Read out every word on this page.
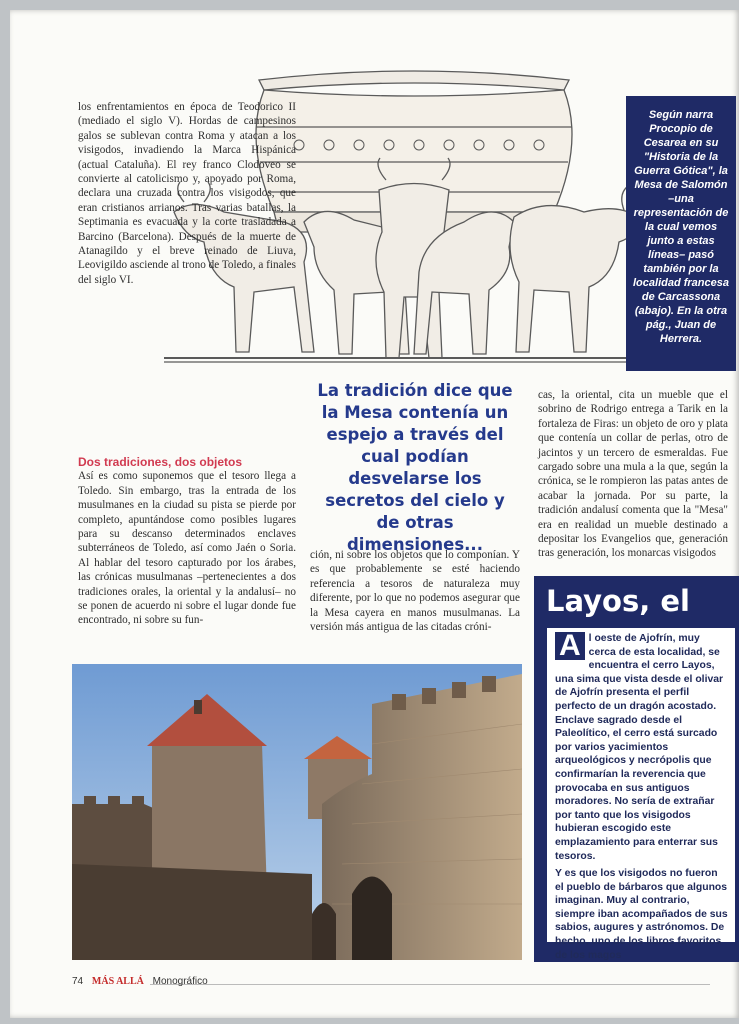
los enfrentamientos en época de Teodorico II (mediado el siglo V). Hordas de campesinos galos se sublevan contra Roma y atacan a los visigodos, invadiendo la Marca Hispánica (actual Cataluña). El rey franco Clodoveo se convierte al catolicismo y, apoyado por Roma, declara una cruzada contra los visigodos, que eran cristianos arrianos. Tras varias batallas, la Septimania es evacuada y la corte trasladada a Barcino (Barcelona). Después de la muerte de Atanagildo y el breve reinado de Liuva, Leovigildo asciende al trono de Toledo, a finales del siglo VI.

Dos tradiciones, dos objetos

Así es como suponemos que el tesoro llega a Toledo. Sin embargo, tras la entrada de los musulmanes en la ciudad su pista se pierde por completo, apuntándose como posibles lugares para su descanso determinados enclaves subterráneos de Toledo, así como Jaén o Soria. Al hablar del tesoro capturado por los árabes, las crónicas musulmanas –pertenecientes a dos tradiciones orales, la oriental y la andalusí– no se ponen de acuerdo ni sobre el lugar donde fue encontrado, ni sobre su fun-

La tradición dice que la Mesa contenía un espejo a través del cual podían desvelarse los secretos del cielo y de otras dimensiones...

ción, ni sobre los objetos que lo componían. Y es que probablemente se esté haciendo referencia a tesoros de naturaleza muy diferente, por lo que no podemos asegurar que la Mesa cayera en manos musulmanas. La versión más antigua de las citadas cróni-

cas, la oriental, cita un mueble que el sobrino de Rodrigo entrega a Tarik en la fortaleza de Firas: un objeto de oro y plata que contenía un collar de perlas, otro de jacintos y un tercero de esmeraldas. Fue cargado sobre una mula a la que, según la crónica, se le rompieron las patas antes de acabar la jornada. Por su parte, la tradición andalusí comenta que la "Mesa" era en realidad un mueble destinado a depositar los Evangelios que, generación tras generación, los monarcas visigodos

Según narra Procopio de Cesarea en su "Historia de la Guerra Gótica", la Mesa de Salomón –una representación de la cual vemos junto a estas líneas– pasó también por la localidad francesa de Carcassona (abajo). En la otra pág., Juan de Herrera.
Layos, el

A l oeste de Ajofrín, muy cerca de esta localidad, se encuentra el cerro Layos, una sima que vista desde el olivar de Ajofrín presenta el perfil perfecto de un dragón acostado. Enclave sagrado desde el Paleolítico, el cerro está surcado por varios yacimientos arqueológicos y necrópolis que confirmarían la reverencia que provocaba en sus antiguos moradores. No sería de extrañar por tanto que los visigodos hubieran escogido este emplazamiento para enterrar sus tesoros.

Y es que los visigodos no fueron el pueblo de bárbaros que algunos imaginan. Muy al contrario, siempre iban acompañados de sus sabios, augures y astrónomos. De hecho, uno de los libros favoritos de los magos

74 MÁS ALLÁ Monográfico
